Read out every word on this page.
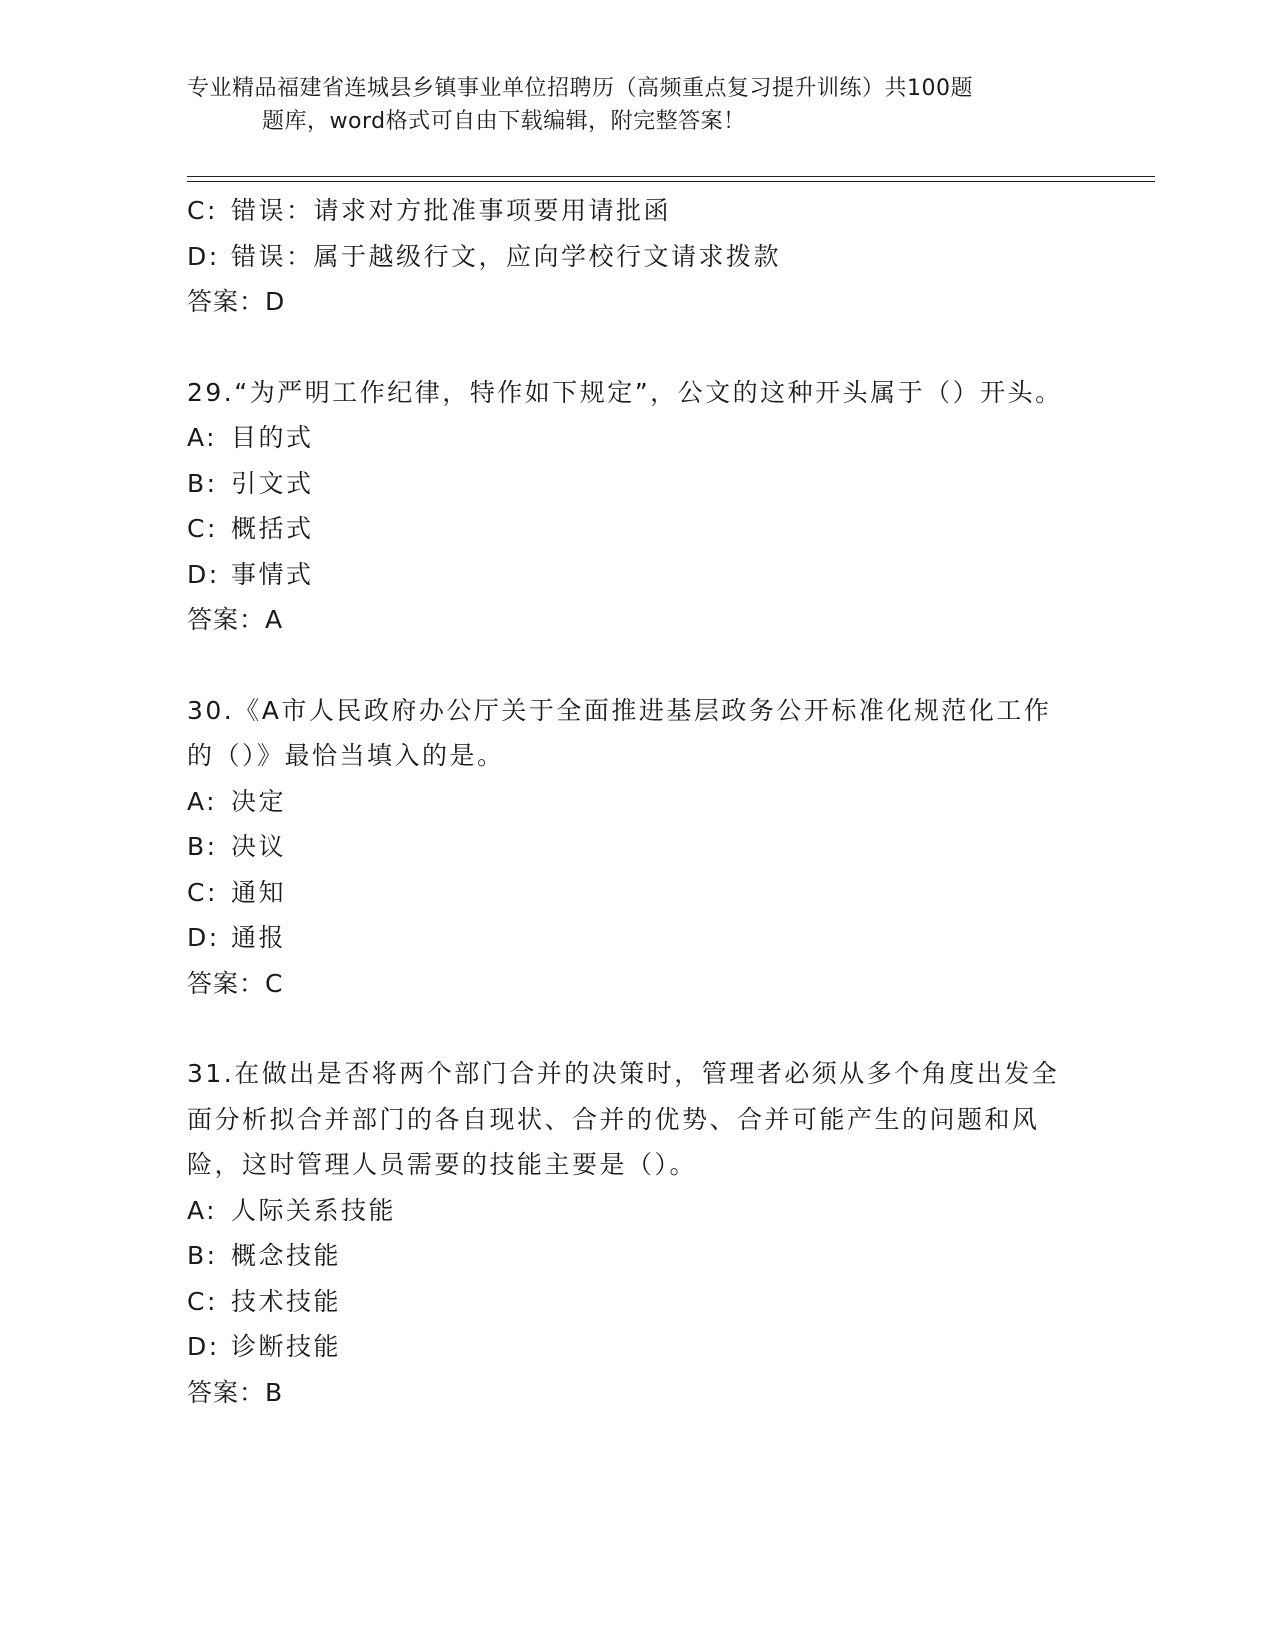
专业精品福建省连城县乡镇事业单位招聘历（高频重点复习提升训练）共100题
题库，word格式可自由下载编辑，附完整答案！
C: 错误：请求对方批准事项要用请批函
D: 错误：属于越级行文，应向学校行文请求拨款
答案：D
29.“为严明工作纪律，特作如下规定”，公文的这种开头属于（）开头。
A: 目的式
B: 引文式
C: 概括式
D: 事情式
答案：A
30.《A市人民政府办公厅关于全面推进基层政务公开标准化规范化工作的（）》最恰当填入的是。
A: 决定
B: 决议
C: 通知
D: 通报
答案：C
31.在做出是否将两个部门合并的决策时，管理者必须从多个角度出发全面分析拟合并部门的各自现状、合并的优势、合并可能产生的问题和风险，这时管理人员需要的技能主要是（）。
A: 人际关系技能
B: 概念技能
C: 技术技能
D: 诊断技能
答案：B
